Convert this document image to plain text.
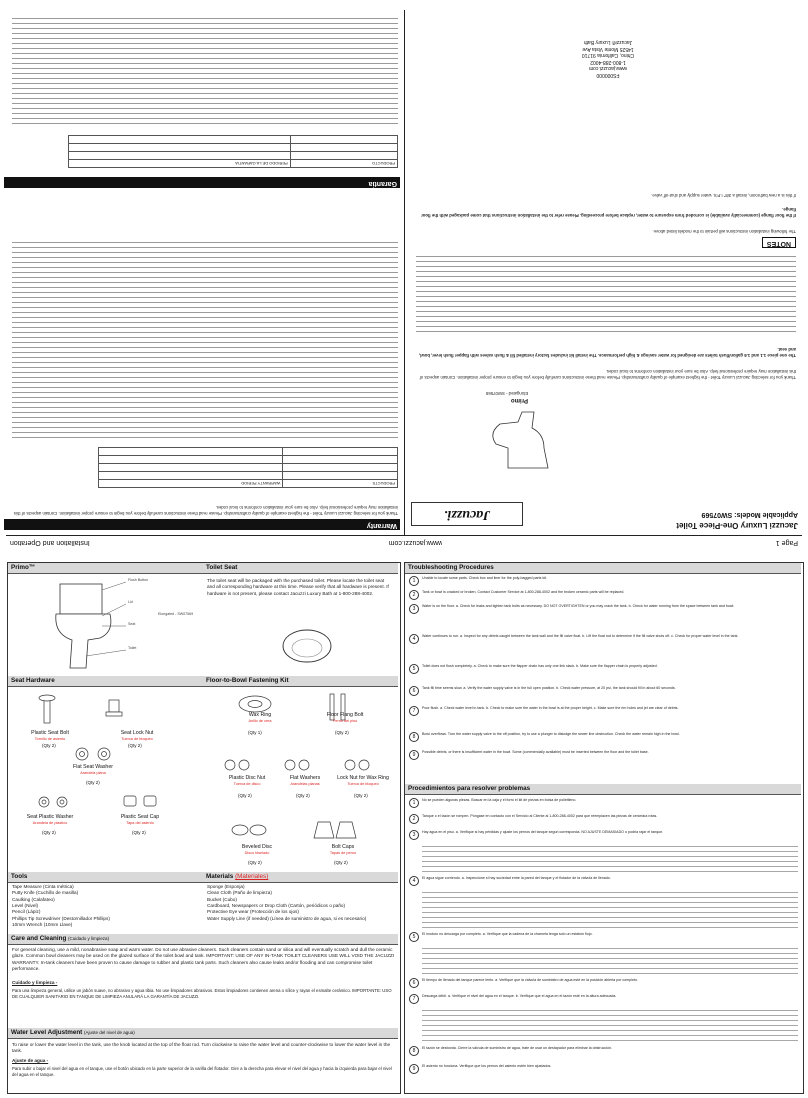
Page 1
www.jacuzzi.com
Installation and Operation
Warranty
Thank you for selecting Jacuzzi Luxury Toilet - the highest example of quality craftsmanship. Please read these instructions carefully before you begin to ensure proper installation. Contain aspects of this installation may require professional help. Also be sure your installation conforms to local codes.
PRODUCTS	WARRANTY PERIOD

Garantia
PRODUCTO	PERIODO DE LA GARANTIA

Jacuzzi Luxury One-Piece Toilet
Applicable Models: SW07569
Jacuzzi.
Primo
Elongated - SW07569
Thank you for selecting Jacuzzi Luxury Toilet - the highest example of quality craftsmanship. Please read these instructions carefully before you begin to ensure proper installation. Contain aspects of this installation may require professional help. Also be sure your installation conforms to local codes.
The one piece 1.1 and 1.6 gallon/flush toilets are designed for water savings & high performance. The install kit includes factory installed fill & flush valves with flapper flush lever, bowl, and seat.
NOTES
The following installation instructions will pertain to the models listed above.
If the floor flange (commercially available) is corroded from exposure to water, replace before proceeding. Please refer to the installation instructions that come packaged with the floor flange.
If this is a new bathroom, install a 3/8" I.P.S. water supply and shut-off valve.
FS000000
www.jacuzzi.com
1-800-288-4002
Chino, California 91710
14525 Monte Vista Ave
Jacuzzi® Luxury Bath
Primo™	Toilet Seat
Flush Button
Lid
Seat
Toilet
Elongated - SW07569
The toilet seat will be packaged with the purchased toilet. Please locate the toilet seat and all corresponding hardware at this time. Please verify that all hardware is present. If hardware is not present, please contact Jacuzzi Luxury Bath at 1-800-288-4002.
Seat Hardware	Floor-to-Bowl Fastening Kit
Plastic Seat Bolt
Tornillo de asiento
(Qty 2)
Seat Lock Nut
Tuerca de bloqueo
(Qty 2)
Flat Seat Washer
Arandela plana
(Qty 2)
Seat Plastic Washer
Arandela de plastico
(Qty 2)
Plastic Seat Cap
Tapa del asiento
(Qty 2)
Wax Ring
Anillo de cera
(Qty 1)
Floor Flang Bolt
Perno del piso
(Qty 2)
Plastic Disc Nut
Tuerca de disco
(Qty 2)
Flat Washers
Arandelas planas
(Qty 2)
Lock Nut for Wax Ring
Tuerca de bloqueo
(Qty 2)
Beveled Disc
Disco biselado
(Qty 2)
Bolt Caps
Tapas de perno
(Qty 2)
Tools	Materials (Materiales)
Tape Measure (Cinta métrica)
Putty Knife (Cuchillo de masilla)
Caulking (Calafateo)
Level (Nivel)
Pencil (Lápiz)
Phillips Tip Screwdriver (Destornillador Phillips)
10mm Wrench (10mm Llave)
Sponge (Esponja)
Clean Cloth (Paño de limpieza)
Bucket (Cubo)
Cardboard, Newspapers or Drop Cloth (Cartón, periódicos o paño)
Protective Eye wear (Protección de los ojos)
Water Supply Line (if needed) (Línea de suministro de agua, si es necesario)
Care and Cleaning (Cuidado y limpieza)
For general cleaning, use a mild, nonabrasive soap and warm water. Do not use abrasive cleaners. Such cleaners contain sand or silica and will eventually scratch and dull the ceramic glaze. Common bowl cleaners may be used on the glazed surface of the toilet bowl and tank. IMPORTANT: USE OF ANY IN-TANK TOILET CLEANERS USE WILL VOID THE JACUZZI WARRANTY. In-tank cleaners have been proven to cause damage to rubber and plastic tank parts. Such cleaners also cause leaks and/or flooding and can compromise toilet performance.
Cuidado y limpieza -
Para una limpieza general, utilice un jabón suave, no abrasivo y agua tibia. No use limpiadores abrasivos. Estos limpiadores contienen arena o sílice y rayan el esmalte cerámico. IMPORTANTE: USO DE CUALQUIER SANITARIO EN TANQUE DE LIMPIEZA ANULARÁ LA GARANTÍA DE JACUZZI.
Water Level Adjustment (Ajuste del nivel de agua)
To raise or lower the water level in the tank, use the knob located at the top of the float rod. Turn clockwise to raise the water level and counter-clockwise to lower the water level in the tank.
Ajuste de agua -
Para subir o bajar el nivel del agua en el tanque, use el botón ubicado en la parte superior de la varilla del flotador. Gire a la derecha para elevar el nivel del agua y hacia la izquierda para bajar el nivel del agua en el tanque.
Troubleshooting Procedures
1	Unable to locate some parts. Check box and liner for the poly-bagged parts kit.
2	Tank or bowl is cracked or broken. Contact Customer Service at 1-800-288-4002 and the broken ceramic parts will be replaced.
3	Water is on the floor. a. Check for leaks and tighten tank bolts as necessary. DO NOT OVERTIGHTEN or you may crack the tank. b. Check for water running from the space between tank and bowl.
4	Water continues to run. a. Inspect for any debris caught between the tank wall and the fill valve float. b. Lift the float rod to determine if the fill valve shuts off. c. Check for proper water level in the tank.
5	Toilet does not flush completely. a. Check to make sure the flapper chain has only one link slack. b. Make sure the flapper chain is properly adjusted.
6	Tank fill time seems slow. a. Verify the water supply valve is in the full open position. b. Check water pressure, at 20 psi, the tank should fill in about 60 seconds.
7	Poor flush. a. Check water level in tank. b. Check to make sure the water in the bowl is at the proper height. c. Make sure the rim holes and jet are clear of debris.
8	Bowl overflows. Turn the water supply valve to the off position, try to use a plunger to dislodge the sewer line obstruction. Check the water remain high in the bowl.
9	Possible debris, or there is insufficient water in the bowl. Some (commercially available) must be inserted between the floor and the toilet base.
Procedimientos para resolver problemas
1	No se pueden algunas piezas. Buscar en la caja y el forro el kit de piezas en bolsa de polietileno.
2	Tanque o el tazón se rompen. Póngase en contacto con el Servicio al Cliente al 1-800-288-4002 para que reemplacen las piezas de cerámica rotas.
3	Hay agua en el piso. a. Verifique si hay pérdidas y ajuste los pernos del tanque según corresponda. NO AJUSTE DEMASIADO o podría rajar el tanque.
4	El agua sigue corriendo. a. Inspeccione si hay suciedad entre la pared del tanque y el flotador de la válvula de llenado.
5	El inodoro no descarga por completo. a. Verifique que la cadena de la charnela tenga solo un eslabón flojo.
6	El tiempo de llenado del tanque parece lento. a. Verifique que la válvula de suministro de agua esté en la posición abierta por completo.
7	Descarga débil. a. Verifique el nivel del agua en el tanque. b. Verifique que el agua en el tazón esté en la altura adecuada.
8	El tazón se desborda. Cierre la válvula de suministro de agua, trate de usar un destapador para eliminar la obstrucción.
9	El asiento no funciona. Verifique que los pernos del asiento estén bien ajustados.
